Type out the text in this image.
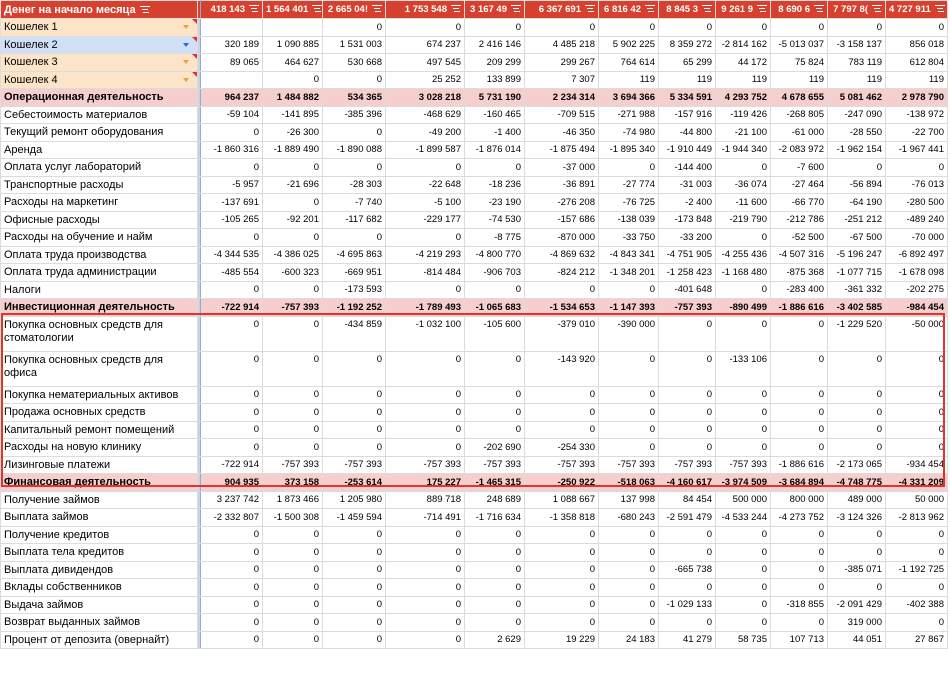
Денег на начало месяца		418 143	1 564 401	2 665 04!	1 753 548	3 167 49	6 367 691	6 816 42	8 845 3	9 261 9	8 690 6	7 797 8(	4 727 911
Кошелек 1				0	0	0	0	0	0	0	0	0	0
Кошелек 2		320 189	1 090 885	1 531 003	674 237	2 416 146	4 485 218	5 902 225	8 359 272	-2 814 162	-5 013 037	-3 158 137	856 018
Кошелек 3		89 065	464 627	530 668	497 545	209 299	299 267	764 614	65 299	44 172	75 824	783 119	612 804
Кошелек 4			0	0	25 252	133 899	7 307	119	119	119	119	119	119
Операционная деятельность		964 237	1 484 882	534 365	3 028 218	5 731 190	2 234 314	3 694 366	5 334 591	4 293 752	4 678 655	5 081 462	2 978 790
Себестоимость материалов		-59 104	-141 895	-385 396	-468 629	-160 465	-709 515	-271 988	-157 916	-119 426	-268 805	-247 090	-138 972
Текущий ремонт оборудования		0	-26 300	0	-49 200	-1 400	-46 350	-74 980	-44 800	-21 100	-61 000	-28 550	-22 700
Аренда		-1 860 316	-1 889 490	-1 890 088	-1 899 587	-1 876 014	-1 875 494	-1 895 340	-1 910 449	-1 944 340	-2 083 972	-1 962 154	-1 967 441
Оплата услуг лабораторий		0	0	0	0	0	-37 000	0	-144 400	0	-7 600	0	0
Транспортные расходы		-5 957	-21 696	-28 303	-22 648	-18 236	-36 891	-27 774	-31 003	-36 074	-27 464	-56 894	-76 013
Расходы на маркетинг		-137 691	0	-7 740	-5 100	-23 190	-276 208	-76 725	-2 400	-11 600	-66 770	-64 190	-280 500
Офисные расходы		-105 265	-92 201	-117 682	-229 177	-74 530	-157 686	-138 039	-173 848	-219 790	-212 786	-251 212	-489 240
Расходы на обучение и найм		0	0	0	0	-8 775	-870 000	-33 750	-33 200	0	-52 500	-67 500	-70 000
Оплата труда производства		-4 344 535	-4 386 025	-4 695 863	-4 219 293	-4 800 770	-4 869 632	-4 843 341	-4 751 905	-4 255 436	-4 507 316	-5 196 247	-6 892 497
Оплата труда администрации		-485 554	-600 323	-669 951	-814 484	-906 703	-824 212	-1 348 201	-1 258 423	-1 168 480	-875 368	-1 077 715	-1 678 098
Налоги		0	0	-173 593	0	0	0	0	-401 648	0	-283 400	-361 332	-202 275
Инвестиционная деятельность		-722 914	-757 393	-1 192 252	-1 789 493	-1 065 683	-1 534 653	-1 147 393	-757 393	-890 499	-1 886 616	-3 402 585	-984 454
Покупка основных средств для стоматологии		0	0	-434 859	-1 032 100	-105 600	-379 010	-390 000	0	0	0	-1 229 520	-50 000
Покупка основных средств для офиса		0	0	0	0	0	-143 920	0	0	-133 106	0	0	0
Покупка нематериальных активов		0	0	0	0	0	0	0	0	0	0	0	0
Продажа основных средств		0	0	0	0	0	0	0	0	0	0	0	0
Капитальный ремонт помещений		0	0	0	0	0	0	0	0	0	0	0	0
Расходы на новую клинику		0	0	0	0	-202 690	-254 330	0	0	0	0	0	0
Лизинговые платежи		-722 914	-757 393	-757 393	-757 393	-757 393	-757 393	-757 393	-757 393	-757 393	-1 886 616	-2 173 065	-934 454
Финансовая деятельность		904 935	373 158	-253 614	175 227	-1 465 315	-250 922	-518 063	-4 160 617	-3 974 509	-3 684 894	-4 748 775	-4 331 209
Получение займов		3 237 742	1 873 466	1 205 980	889 718	248 689	1 088 667	137 998	84 454	500 000	800 000	489 000	50 000
Выплата займов		-2 332 807	-1 500 308	-1 459 594	-714 491	-1 716 634	-1 358 818	-680 243	-2 591 479	-4 533 244	-4 273 752	-3 124 326	-2 813 962
Получение кредитов		0	0	0	0	0	0	0	0	0	0	0	0
Выплата тела кредитов		0	0	0	0	0	0	0	0	0	0	0	0
Выплата дивидендов		0	0	0	0	0	0	0	-665 738	0	0	-385 071	-1 192 725
Вклады собственников		0	0	0	0	0	0	0	0	0	0	0	0
Выдача займов		0	0	0	0	0	0	0	-1 029 133	0	-318 855	-2 091 429	-402 388
Возврат выданных займов		0	0	0	0	0	0	0	0	0	0	319 000	0
Процент от депозита (овернайт)		0	0	0	0	2 629	19 229	24 183	41 279	58 735	107 713	44 051	27 867
